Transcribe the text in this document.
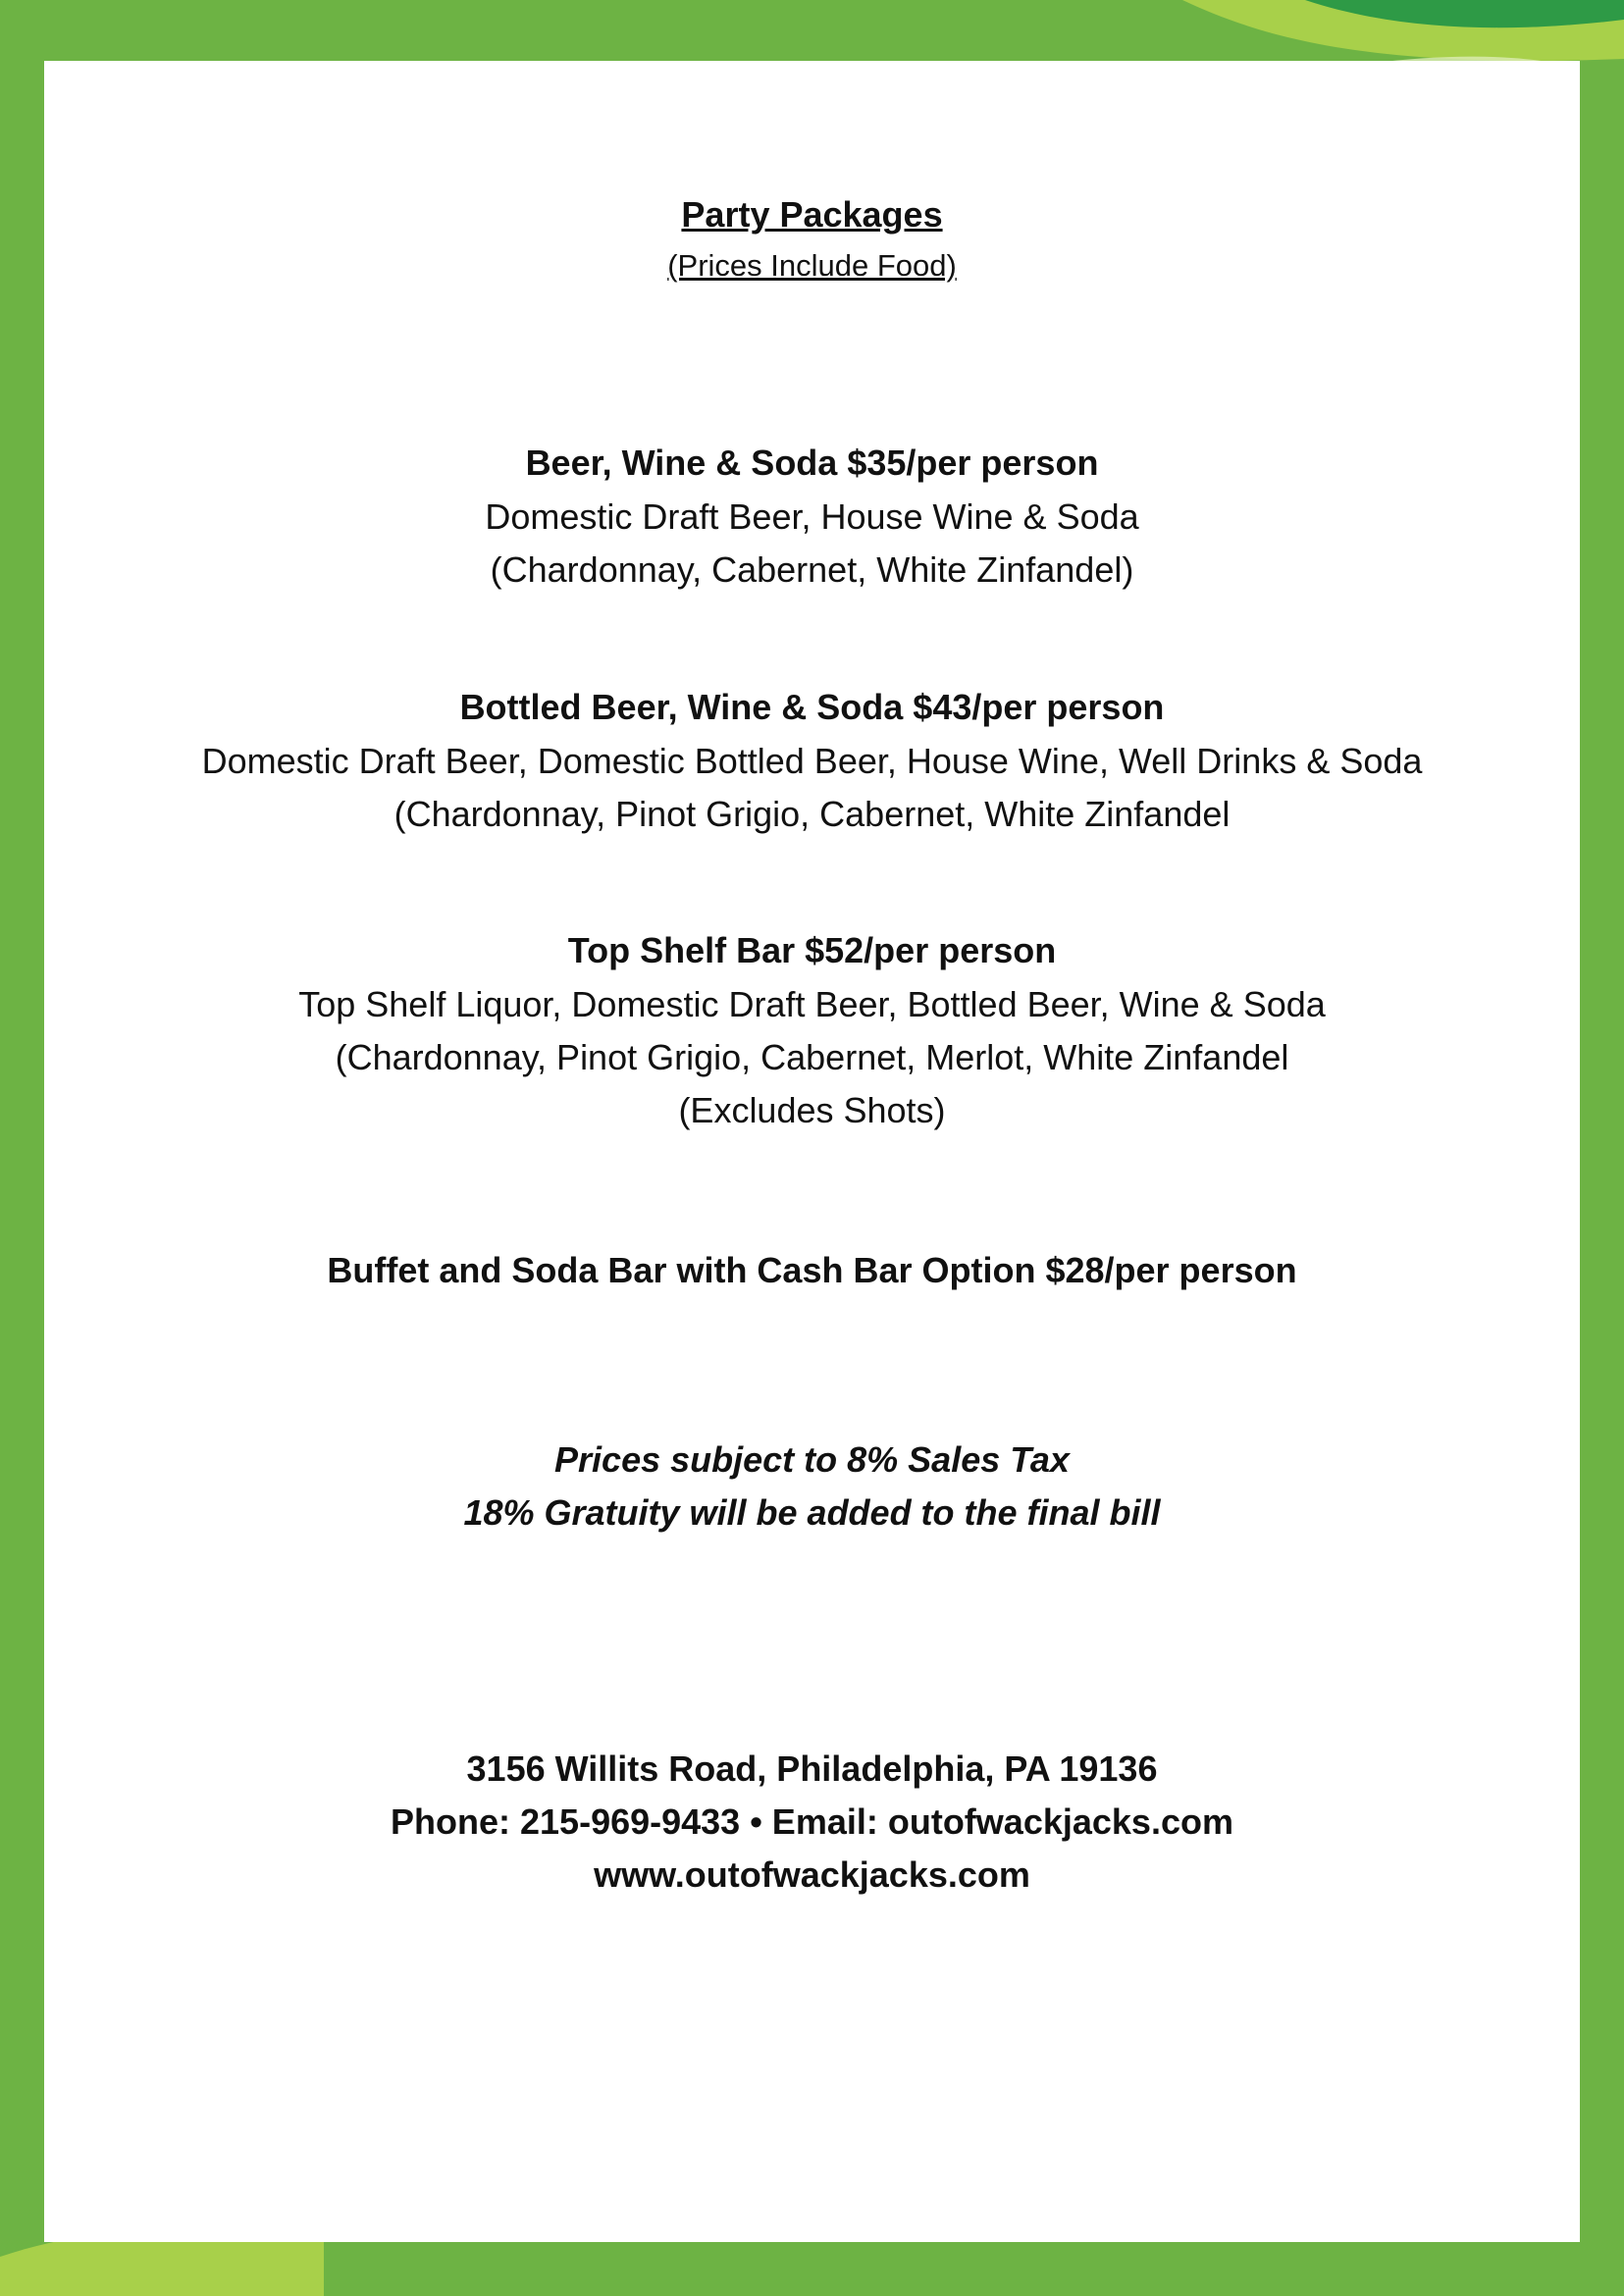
Party Packages

(Prices Include Food)

Beer, Wine & Soda $35/per person

Domestic Draft Beer, House Wine & Soda

(Chardonnay, Cabernet, White Zinfandel)

Bottled Beer, Wine & Soda $43/per person

Domestic Draft Beer, Domestic Bottled Beer, House Wine, Well Drinks & Soda

(Chardonnay, Pinot Grigio, Cabernet, White Zinfandel

Top Shelf Bar $52/per person

Top Shelf Liquor, Domestic Draft Beer, Bottled Beer, Wine & Soda

(Chardonnay, Pinot Grigio, Cabernet, Merlot, White Zinfandel

(Excludes Shots)

Buffet and Soda Bar with Cash Bar Option $28/per person

Prices subject to 8% Sales Tax

18% Gratuity will be added to the final bill

3156 Willits Road, Philadelphia, PA 19136

Phone: 215-969-9433 • Email: outofwackjacks.com

www.outofwackjacks.com
